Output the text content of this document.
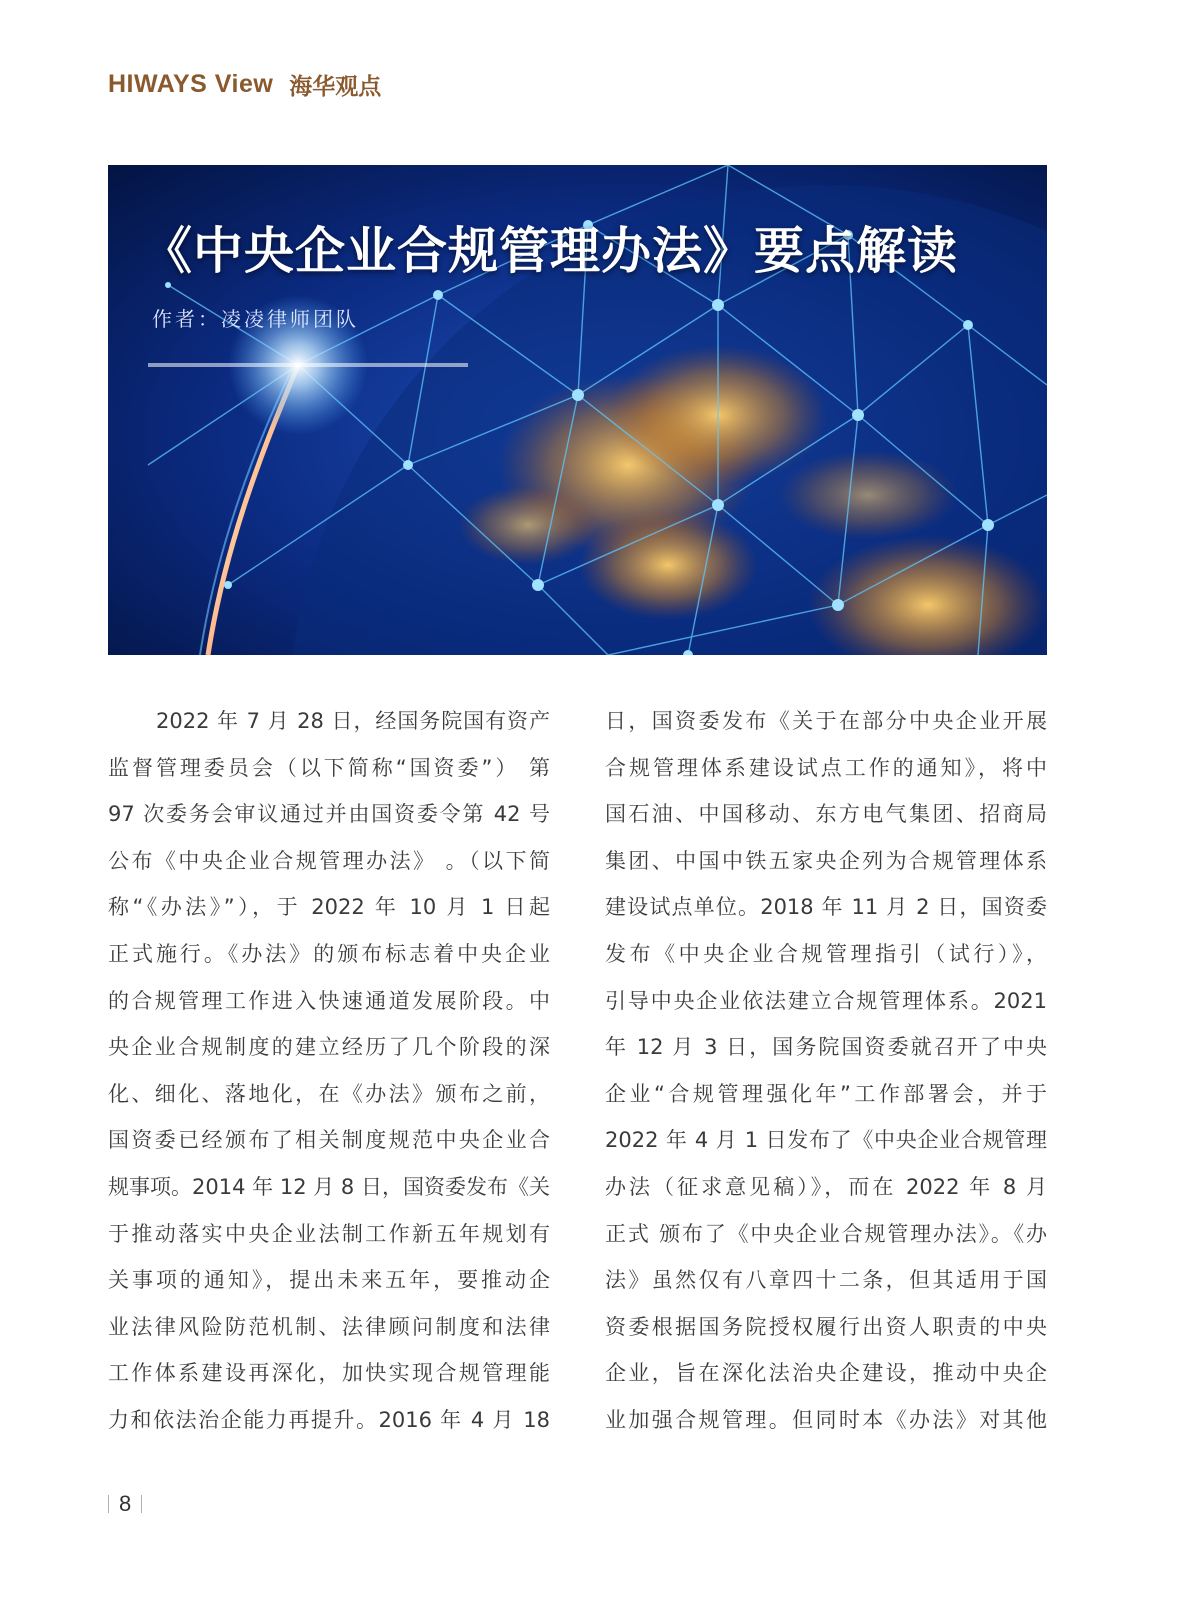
HIWAYS View 海华观点
《中央企业合规管理办法》要点解读
作者：凌凌律师团队
2022 年 7 月 28 日，经国务院国有资产
监督管理委员会（以下简称“国资委”） 第
97 次委务会审议通过并由国资委令第 42 号
公布《中央企业合规管理办法》 。（以下简
称“《办法》”），于 2022 年 10 月 1 日起
正式施行。《办法》的颁布标志着中央企业
的合规管理工作进入快速通道发展阶段。中
央企业合规制度的建立经历了几个阶段的深
化、细化、落地化，在《办法》颁布之前，
国资委已经颁布了相关制度规范中央企业合
规事项。2014 年 12 月 8 日，国资委发布《关
于推动落实中央企业法制工作新五年规划有
关事项的通知》，提出未来五年，要推动企
业法律风险防范机制、法律顾问制度和法律
工作体系建设再深化，加快实现合规管理能
力和依法治企能力再提升。2016 年 4 月 18
日，国资委发布《关于在部分中央企业开展
合规管理体系建设试点工作的通知》，将中
国石油、中国移动、东方电气集团、招商局
集团、中国中铁五家央企列为合规管理体系
建设试点单位。2018 年 11 月 2 日，国资委
发布《中央企业合规管理指引（试行）》，
引导中央企业依法建立合规管理体系。2021
年 12 月 3 日，国务院国资委就召开了中央
企业“合规管理强化年”工作部署会，并于
2022 年 4 月 1 日发布了《中央企业合规管理
办法（征求意见稿）》，而在 2022 年 8 月
正式 颁布了《中央企业合规管理办法》。《办
法》虽然仅有八章四十二条，但其适用于国
资委根据国务院授权履行出资人职责的中央
企业，旨在深化法治央企建设，推动中央企
业加强合规管理。但同时本《办法》对其他
8
